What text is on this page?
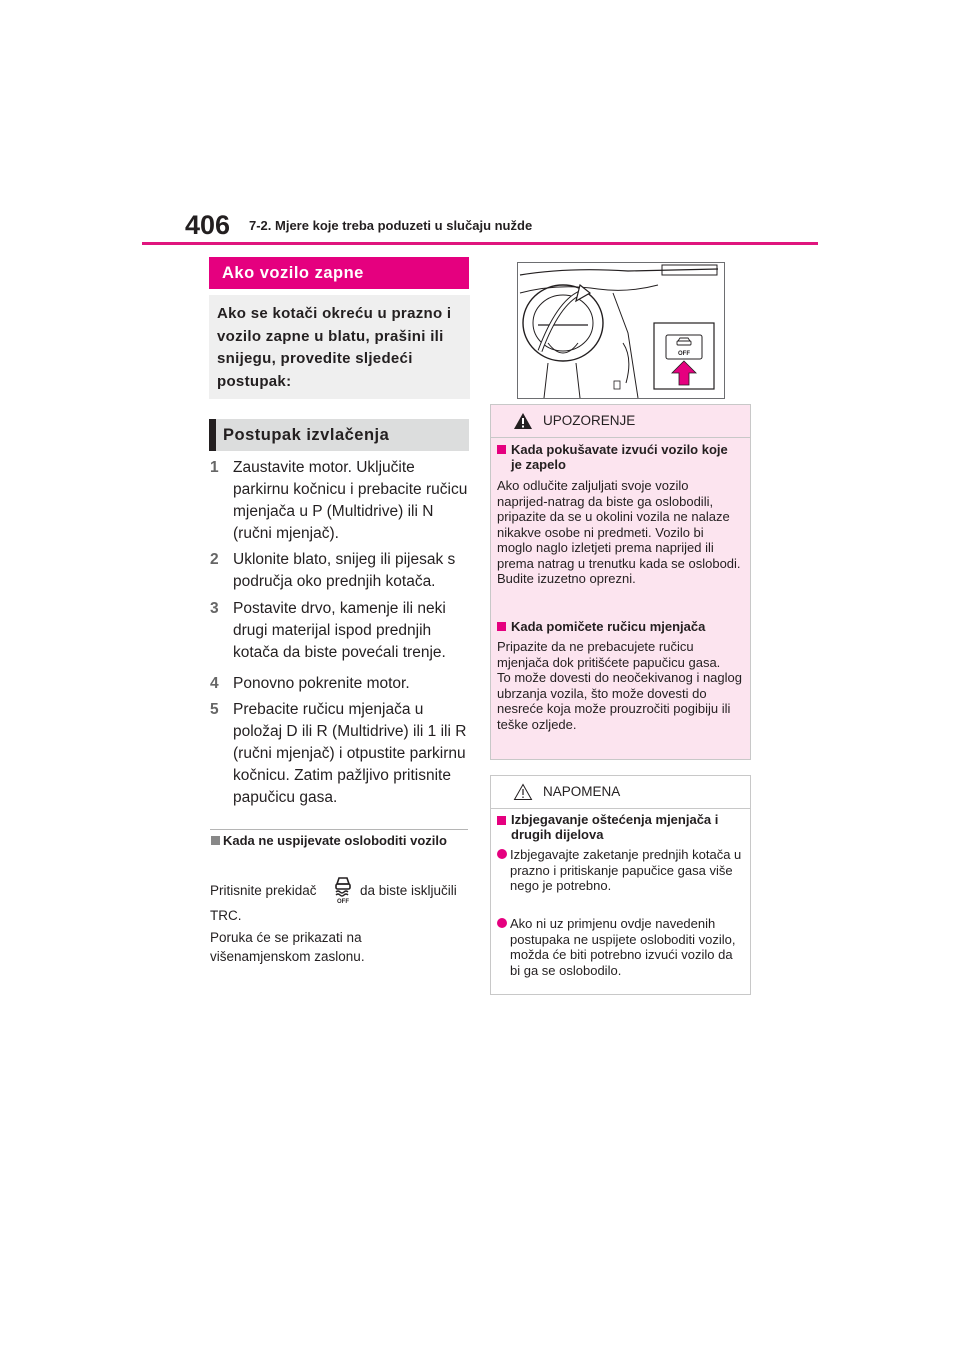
406 7-2. Mjere koje treba poduzeti u slučaju nužde
Ako vozilo zapne
Ako se kotači okreću u prazno i vozilo zapne u blatu, prašini ili snijegu, provedite sljedeći postupak:
Postupak izvlačenja
1 Zaustavite motor. Uključite parkirnu kočnicu i prebacite ručicu mjenjača u P (Multidrive) ili N (ručni mjenjač).
2 Uklonite blato, snijeg ili pijesak s područja oko prednjih kotača.
3 Postavite drvo, kamenje ili neki drugi materijal ispod prednjih kotača da biste povećali trenje.
4 Ponovno pokrenite motor.
5 Prebacite ručicu mjenjača u položaj D ili R (Multidrive) ili 1 ili R (ručni mjenjač) i otpustite parkirnu kočnicu. Zatim pažljivo pritisnite papučicu gasa.
Kada ne uspijevate osloboditi vozilo
Pritisnite prekidač
OFF
da biste isključili
TRC.
Poruka će se prikazati na
višenamjenskom zaslonu.
OFF
UPOZORENJE
Kada pokušavate izvući vozilo koje je zapelo
Ako odlučite zaljuljati svoje vozilo naprijed-natrag da biste ga oslobodili, pripazite da se u okolini vozila ne nalaze nikakve osobe ni predmeti. Vozilo bi moglo naglo izletjeti prema naprijed ili prema natrag u trenutku kada se oslobodi. Budite izuzetno oprezni.
Kada pomičete ručicu mjenjača
Pripazite da ne prebacujete ručicu mjenjača dok pritišćete papučicu gasa.
To može dovesti do neočekivanog i naglog ubrzanja vozila, što može dovesti do nesreće koja može prouzročiti pogibiju ili teške ozljede.
NAPOMENA
Izbjegavanje oštećenja mjenjača i drugih dijelova
Izbjegavajte zaketanje prednjih kotača u prazno i pritiskanje papučice gasa više nego je potrebno.
Ako ni uz primjenu ovdje navedenih postupaka ne uspijete osloboditi vozilo, možda će biti potrebno izvući vozilo da bi ga se oslobodilo.
